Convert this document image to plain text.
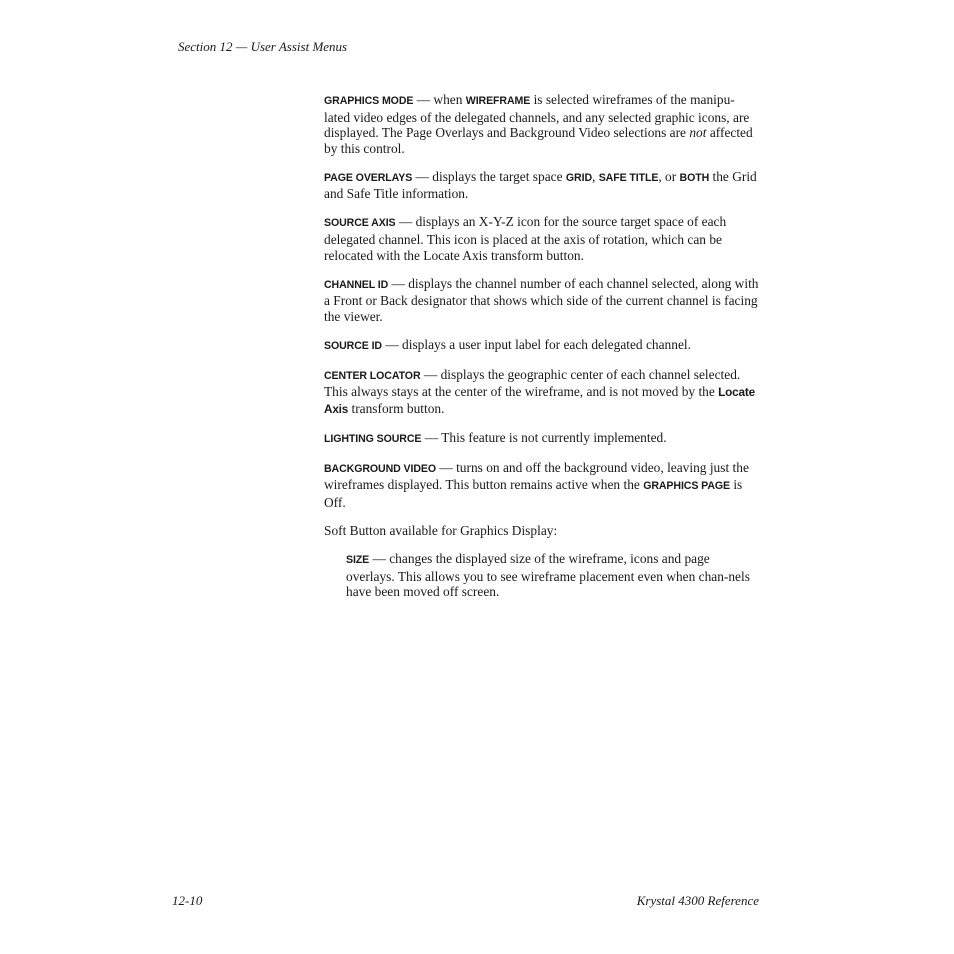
Section 12 — User Assist Menus

GRAPHICS MODE — when WIREFRAME is selected wireframes of the manipu-lated video edges of the delegated channels, and any selected graphic icons, are displayed. The Page Overlays and Background Video selections are not affected by this control.

PAGE OVERLAYS — displays the target space GRID, SAFE TITLE, or BOTH the Grid and Safe Title information.

SOURCE AXIS — displays an X-Y-Z icon for the source target space of each delegated channel. This icon is placed at the axis of rotation, which can be relocated with the Locate Axis transform button.

CHANNEL ID — displays the channel number of each channel selected, along with a Front or Back designator that shows which side of the current channel is facing the viewer.

SOURCE ID — displays a user input label for each delegated channel.

CENTER LOCATOR — displays the geographic center of each channel selected. This always stays at the center of the wireframe, and is not moved by the Locate Axis transform button.

LIGHTING SOURCE — This feature is not currently implemented.

BACKGROUND VIDEO — turns on and off the background video, leaving just the wireframes displayed. This button remains active when the GRAPHICS PAGE is Off.

Soft Button available for Graphics Display:

SIZE — changes the displayed size of the wireframe, icons and page overlays. This allows you to see wireframe placement even when chan-nels have been moved off screen.

12-10	Krystal 4300 Reference
